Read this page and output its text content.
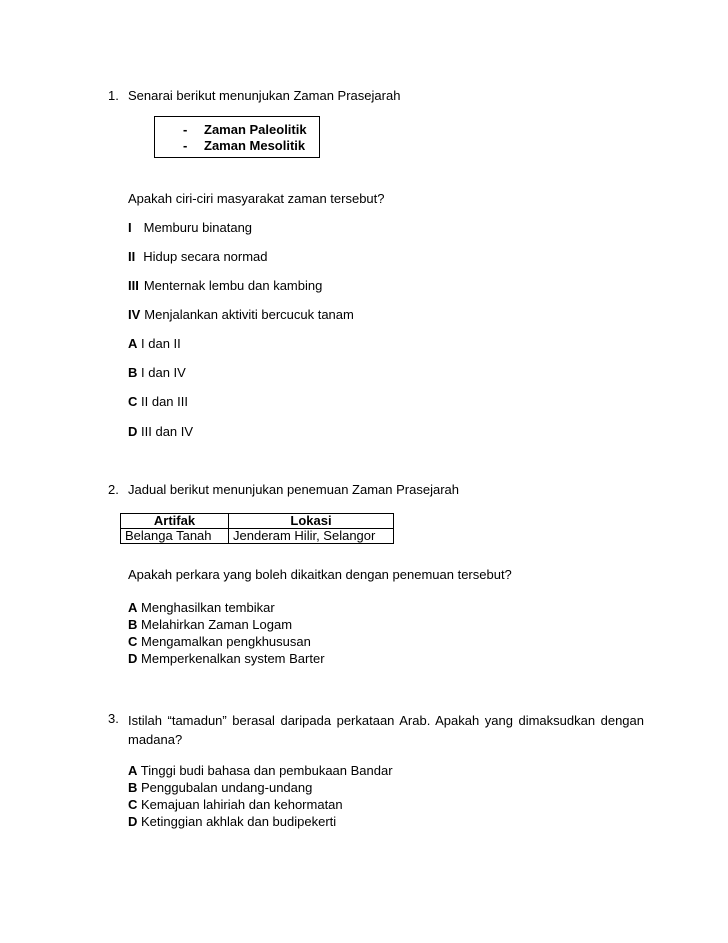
1. Senarai berikut menunjukan Zaman Prasejarah
- Zaman Paleolitik
- Zaman Mesolitik
Apakah ciri-ciri masyarakat zaman tersebut?
I Memburu binatang
II Hidup secara normad
III Menternak lembu dan kambing
IV Menjalankan aktiviti bercucuk tanam
A I dan II
B I dan IV
C II dan III
D III dan IV
2. Jadual berikut menunjukan penemuan Zaman Prasejarah
Artifak	Lokasi
Belanga Tanah	Jenderam Hilir, Selangor
Apakah perkara yang boleh dikaitkan dengan penemuan tersebut?
A Menghasilkan tembikar
B Melahirkan Zaman Logam
C Mengamalkan pengkhususan
D Memperkenalkan system Barter
3. Istilah “tamadun” berasal daripada perkataan Arab. Apakah yang dimaksudkan dengan madana?
A Tinggi budi bahasa dan pembukaan Bandar
B Penggubalan undang-undang
C Kemajuan lahiriah dan kehormatan
D Ketinggian akhlak dan budipekerti
